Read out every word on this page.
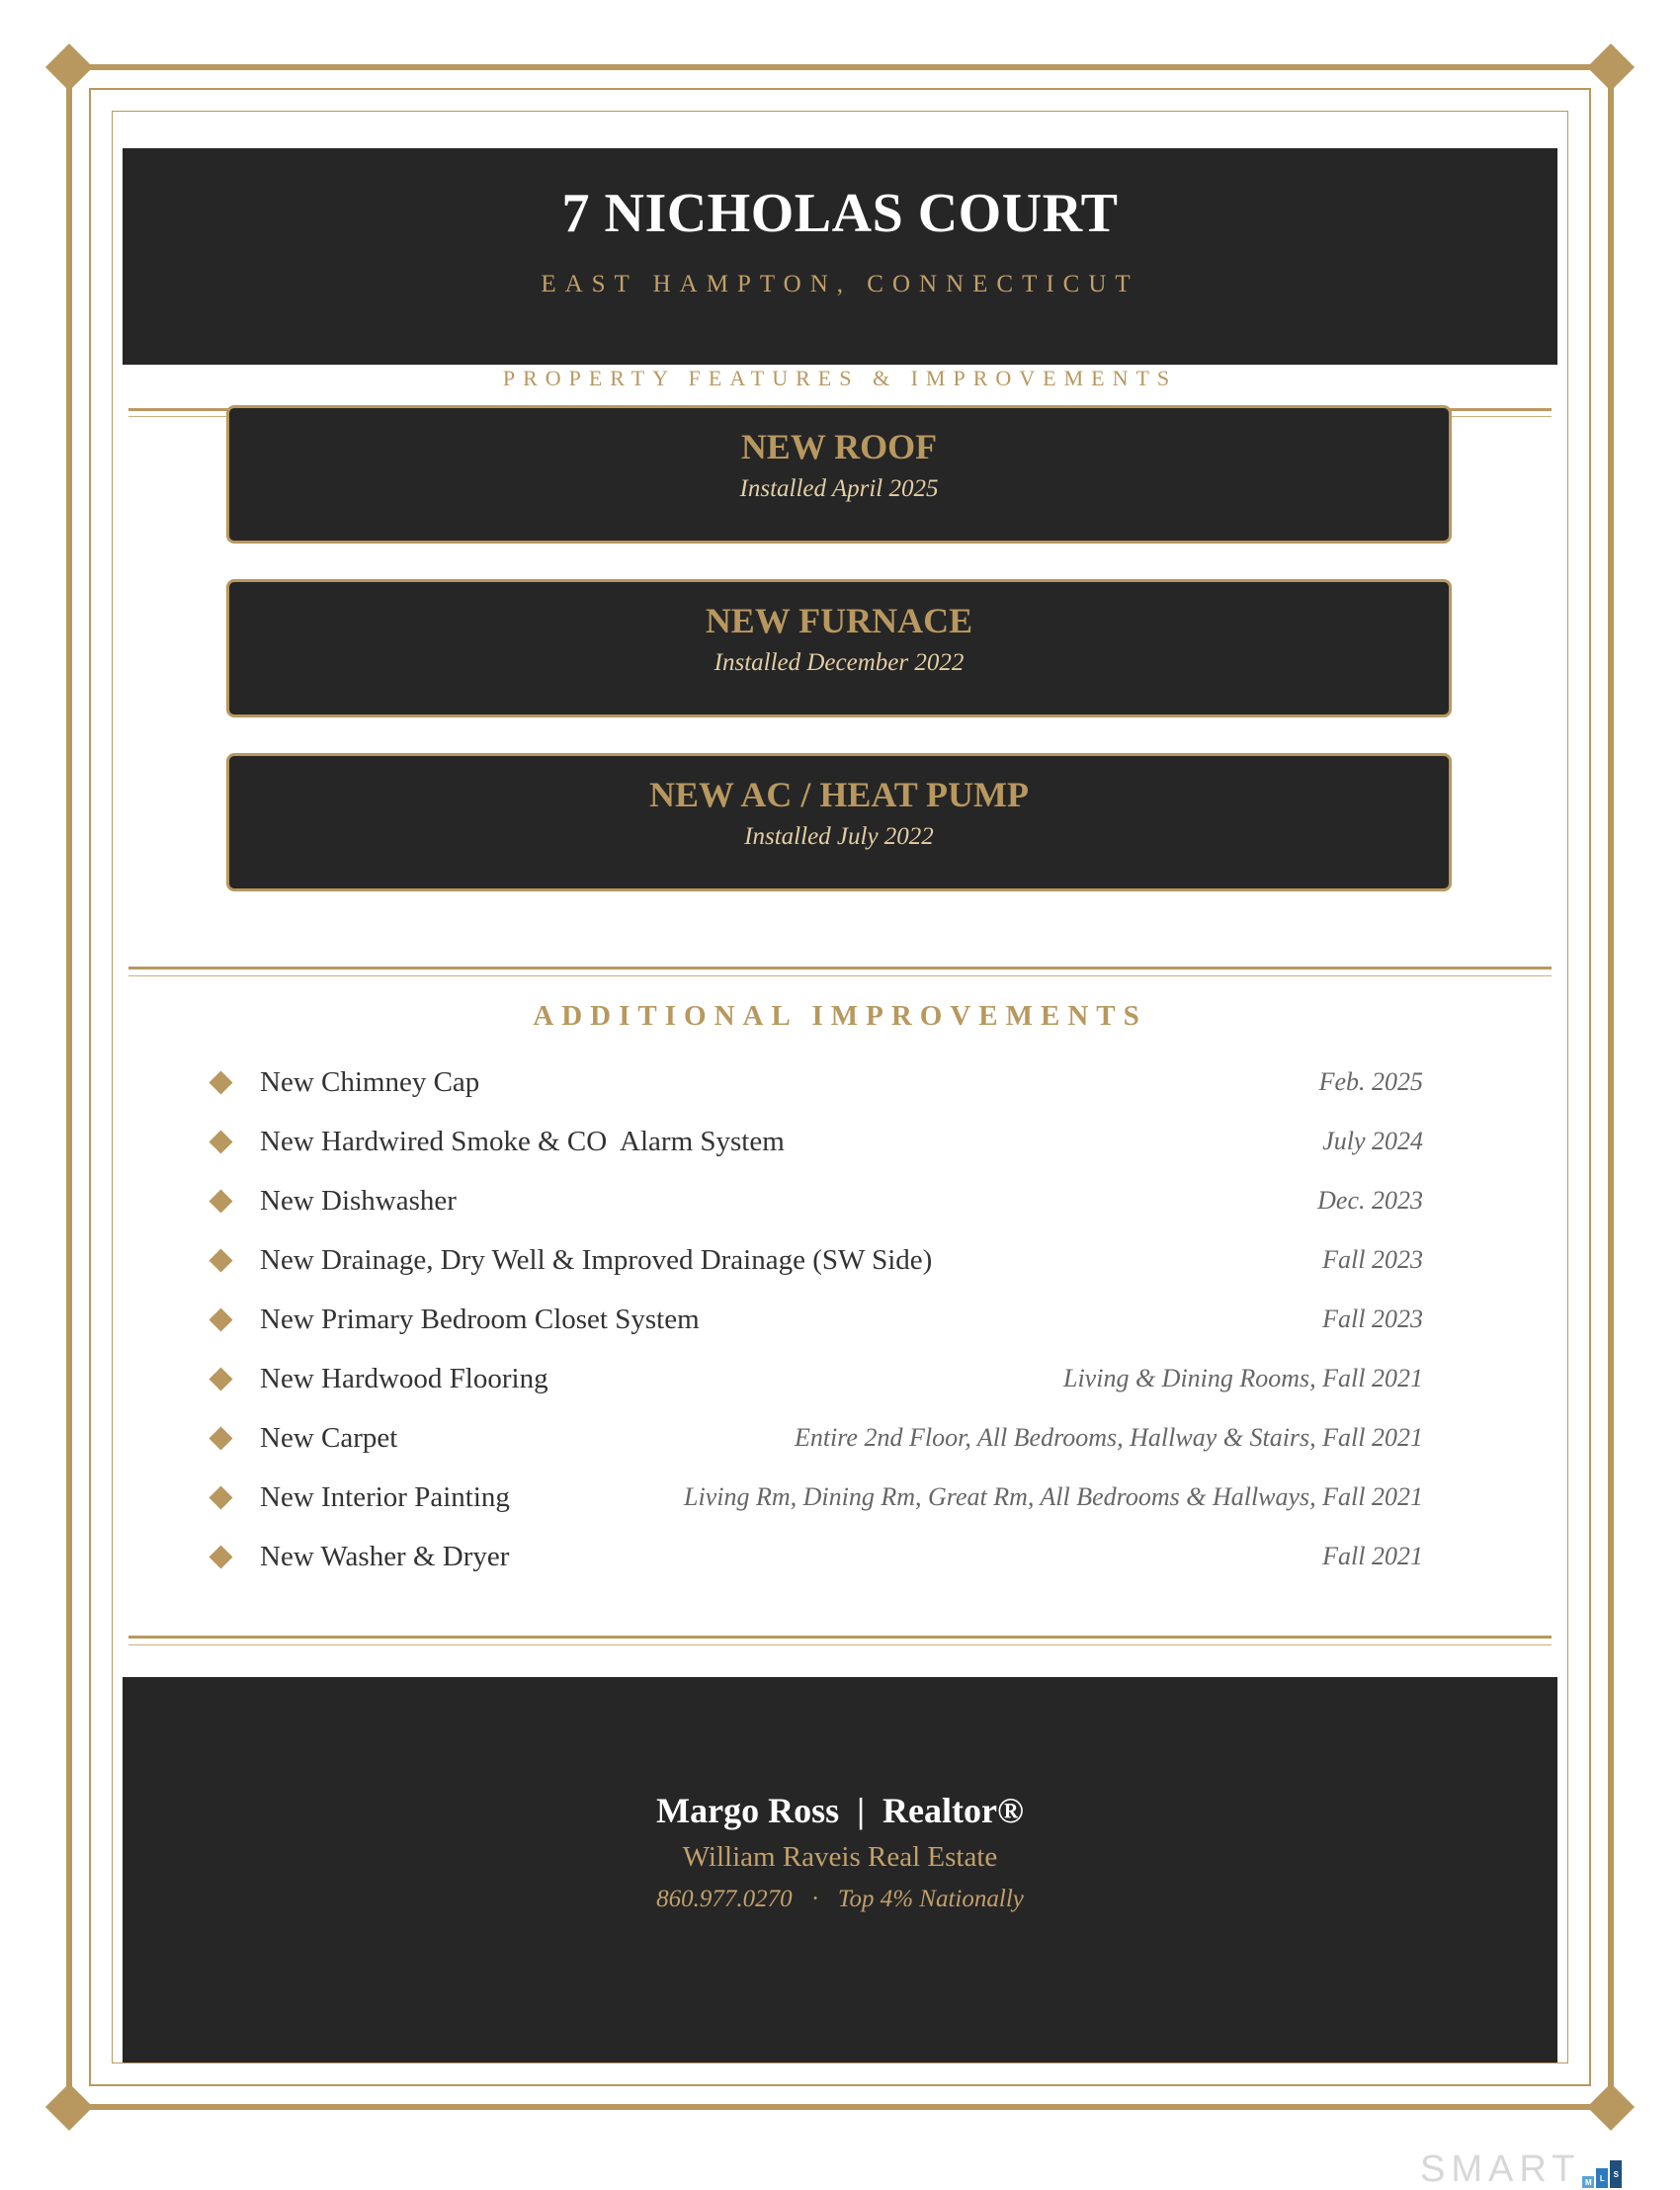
7 NICHOLAS COURT
EAST HAMPTON, CONNECTICUT
PROPERTY FEATURES & IMPROVEMENTS
NEW ROOF
Installed April 2025
NEW FURNACE
Installed December 2022
NEW AC / HEAT PUMP
Installed July 2022
ADDITIONAL IMPROVEMENTS
New Chimney Cap	Feb. 2025
New Hardwired Smoke & CO  Alarm System	July 2024
New Dishwasher	Dec. 2023
New Drainage, Dry Well & Improved Drainage (SW Side)	Fall 2023
New Primary Bedroom Closet System	Fall 2023
New Hardwood Flooring	Living & Dining Rooms, Fall 2021
New Carpet	Entire 2nd Floor, All Bedrooms, Hallway & Stairs, Fall 2021
New Interior Painting	Living Rm, Dining Rm, Great Rm, All Bedrooms & Hallways, Fall 2021
New Washer & Dryer	Fall 2021
Margo Ross  |  Realtor®
William Raveis Real Estate
860.977.0270 · Top 4% Nationally
SMART M	L	S
